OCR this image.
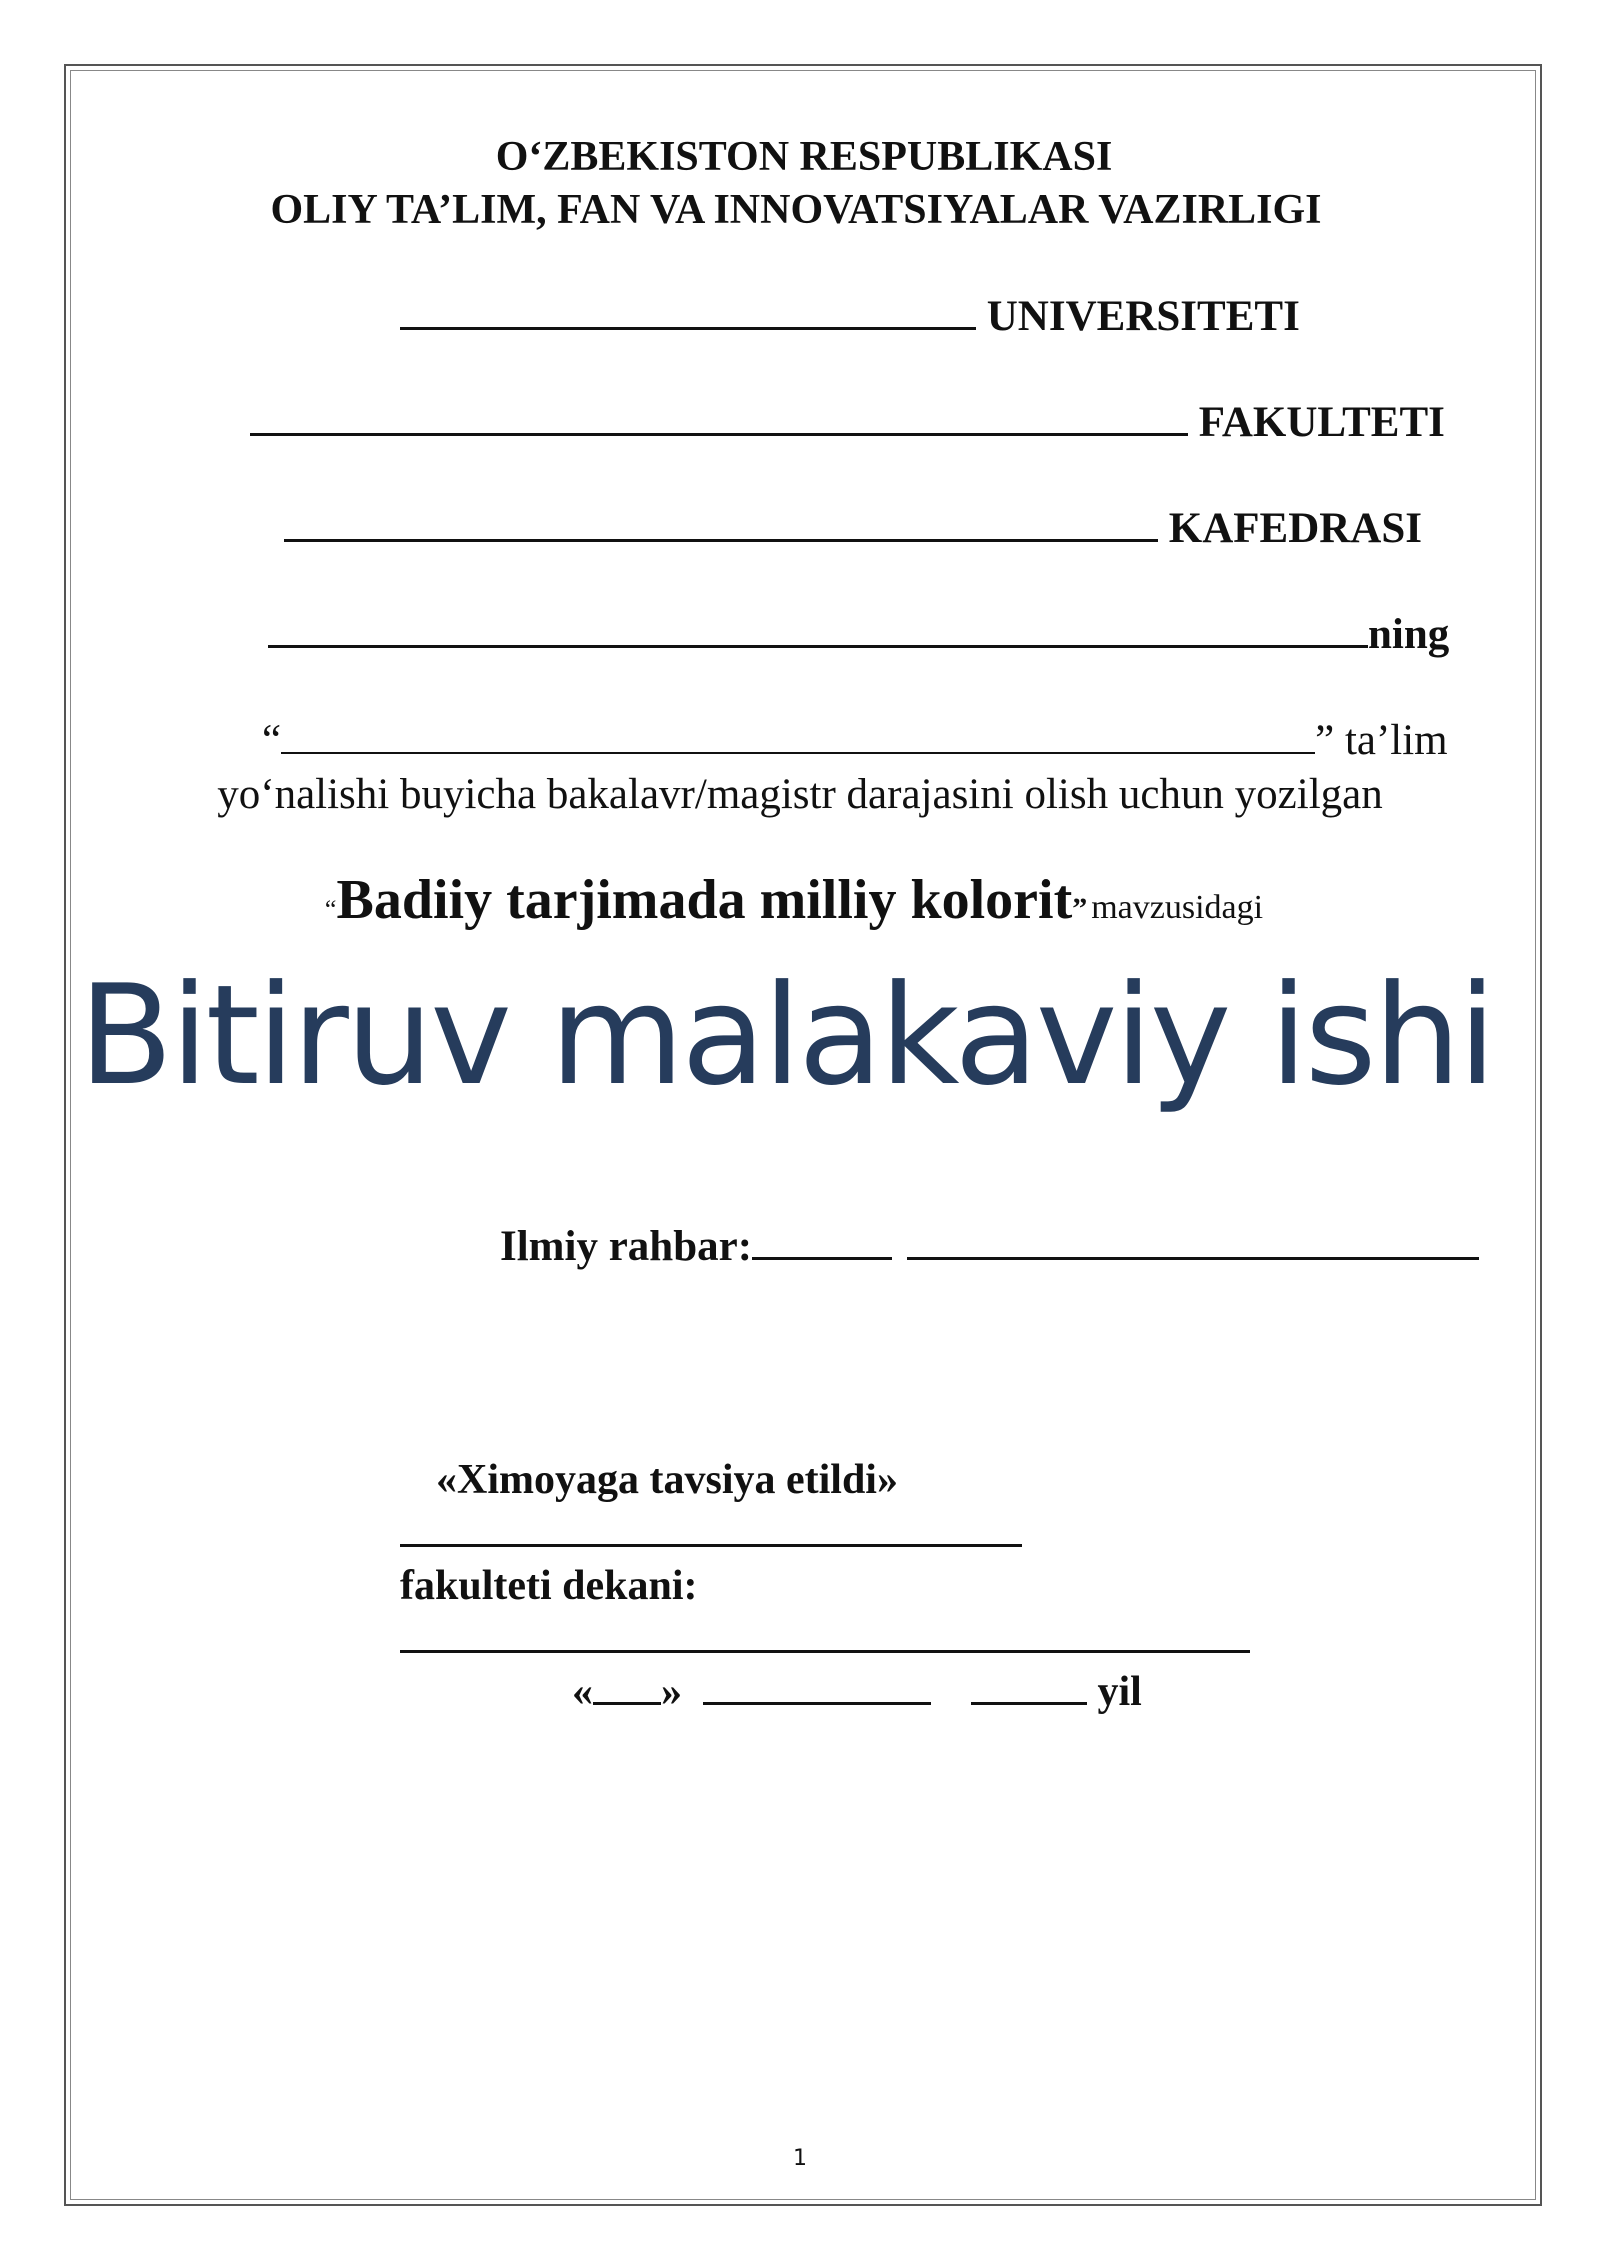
O‘ZBEKISTON RESPUBLIKASI
OLIY TA’LIM, FAN VA INNOVATSIYALAR VAZIRLIGI
UNIVERSITETI
FAKULTETI
KAFEDRASI
ning
“	” ta’lim
yo‘nalishi buyicha bakalavr/magistr darajasini olish uchun yozilgan
“Badiiy tarjimada milliy kolorit” mavzusidagi
Bitiruv malakaviy ishi
Ilmiy rahbar:
«Ximoyaga tavsiya etildi»
fakulteti dekani:
« »	yil
1
